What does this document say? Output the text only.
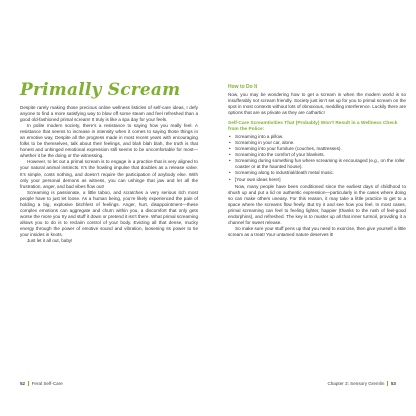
Primally Scream

Despite rarely making those precious online wellness listicles of self-care ideas, I defy anyone to find a more satisfying way to blow off some steam and feel refreshed than a good old-fashioned primal scream! It truly is like a spa day for your feels.

In polite modern society, there’s a resistance to saying how you really feel. A resistance that seems to increase in intensity when it comes to saying those things in an emotive way. Despite all the progress made in most recent years with encouraging folks to be themselves, talk about their feelings, and blah blah blah, the truth is that honest and unhinged emotional expression still seems to be uncomfortable for most—whether it be the doing or the witnessing.

However, to let out a primal scream is to engage in a practice that is very aligned to your natural animal instincts. It’s the howling impulse that doubles as a release valve. It’s simple, costs nothing, and doesn’t require the participation of anybody else. With only your personal demons as witness, you can unhinge that jaw and let all the frustration, anger, and bad vibes flow out!

Screaming is passionate, a little taboo, and scratches a very serious itch most people have to just let loose. As a human being, you’re likely experienced the pain of holding a big, explosive bitchfest of feelings. Anger, hurt, disappointment—these complex emotions can aggregate and churn within you, a discomfort that only gets worse the more you try and stuff it down or pretend it isn’t there. What primal screaming allows you to do is to reclaim control of your body. Evicting all that dense, mucky energy through the power of emotive sound and vibration, loosening its power to tie your insides in knots.

Just let it all out, baby!

How to Do It

Now, you may be wondering how to get a scream in when the modern world is so insufferably not scream friendly. Society just isn’t set up for you to primal scream on the spot in most contexts without lots of obnoxious, meddling interference. Luckily there are options that are as private as they are cathartic!

Self-Care Screamtivities That (Probably) Won’t Result in a Wellness Check from the Police:
• Screaming into a pillow.
• Screaming in your car, alone.
• Screaming into your furniture (couches, mattresses).
• Screaming into the comfort of your blankets.
• Screaming during something fun where screaming is encouraged (e.g., on the roller coaster or at the haunted house).
• Screaming along to industrial/death metal music.
• [Your own ideas here!]

Now, many people have been conditioned since the earliest days of childhood to shush up and put a lid on authentic expression—particularly in the cases where doing so can make others uneasy. For this reason, it may take a little practice to get to a space where the screams flow freely. But try it and see how you feel. In most cases, primal screaming can feel to feeling lighter, happier (thanks to the rush of feel-good endorphins), and refreshed. The key is to muster up all that inner turmoil, providing it a channel for sweet release.

So make sure your stuff pens up that you need to exorcise, then give yourself a little scream as a treat! Your untamed nature deserves it!

52 Feral Self-Care	Chapter 3: Sensory Gremlin 53
